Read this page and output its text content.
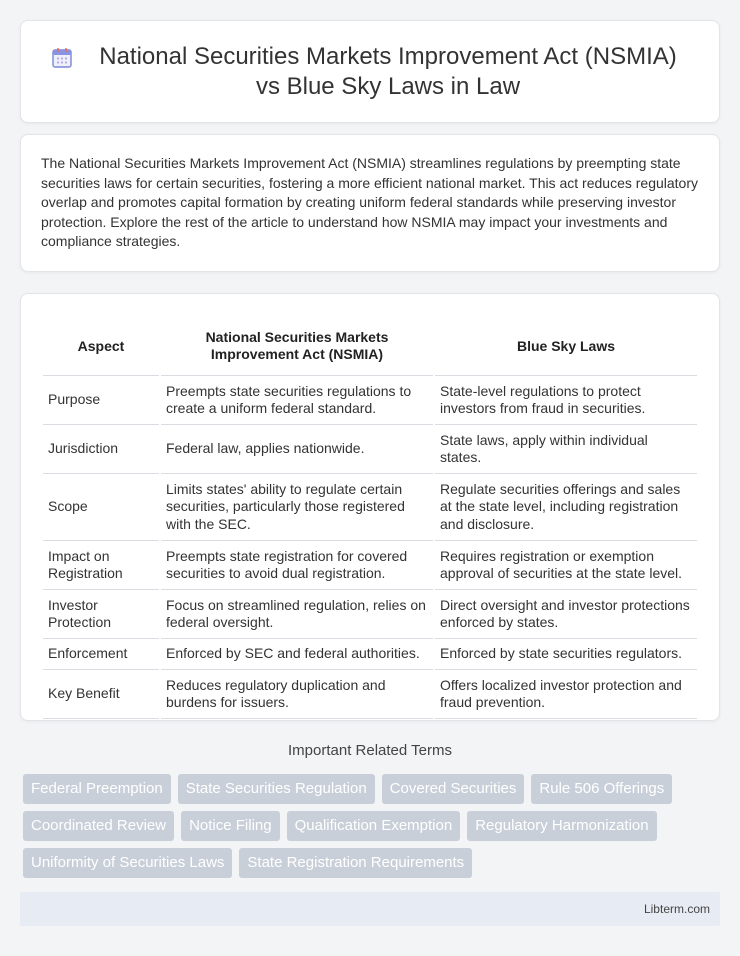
National Securities Markets Improvement Act (NSMIA) vs Blue Sky Laws in Law

The National Securities Markets Improvement Act (NSMIA) streamlines regulations by preempting state securities laws for certain securities, fostering a more efficient national market. This act reduces regulatory overlap and promotes capital formation by creating uniform federal standards while preserving investor protection. Explore the rest of the article to understand how NSMIA may impact your investments and compliance strategies.

Aspect	National Securities Markets Improvement Act (NSMIA)	Blue Sky Laws
Purpose	Preempts state securities regulations to create a uniform federal standard.	State-level regulations to protect investors from fraud in securities.
Jurisdiction	Federal law, applies nationwide.	State laws, apply within individual states.
Scope	Limits states' ability to regulate certain securities, particularly those registered with the SEC.	Regulate securities offerings and sales at the state level, including registration and disclosure.
Impact on Registration	Preempts state registration for covered securities to avoid dual registration.	Requires registration or exemption approval of securities at the state level.
Investor Protection	Focus on streamlined regulation, relies on federal oversight.	Direct oversight and investor protections enforced by states.
Enforcement	Enforced by SEC and federal authorities.	Enforced by state securities regulators.
Key Benefit	Reduces regulatory duplication and burdens for issuers.	Offers localized investor protection and fraud prevention.
Important Related Terms
Federal Preemption	State Securities Regulation	Covered Securities	Rule 506 Offerings
Coordinated Review	Notice Filing	Qualification Exemption	Regulatory Harmonization
Uniformity of Securities Laws	State Registration Requirements
Libterm.com
